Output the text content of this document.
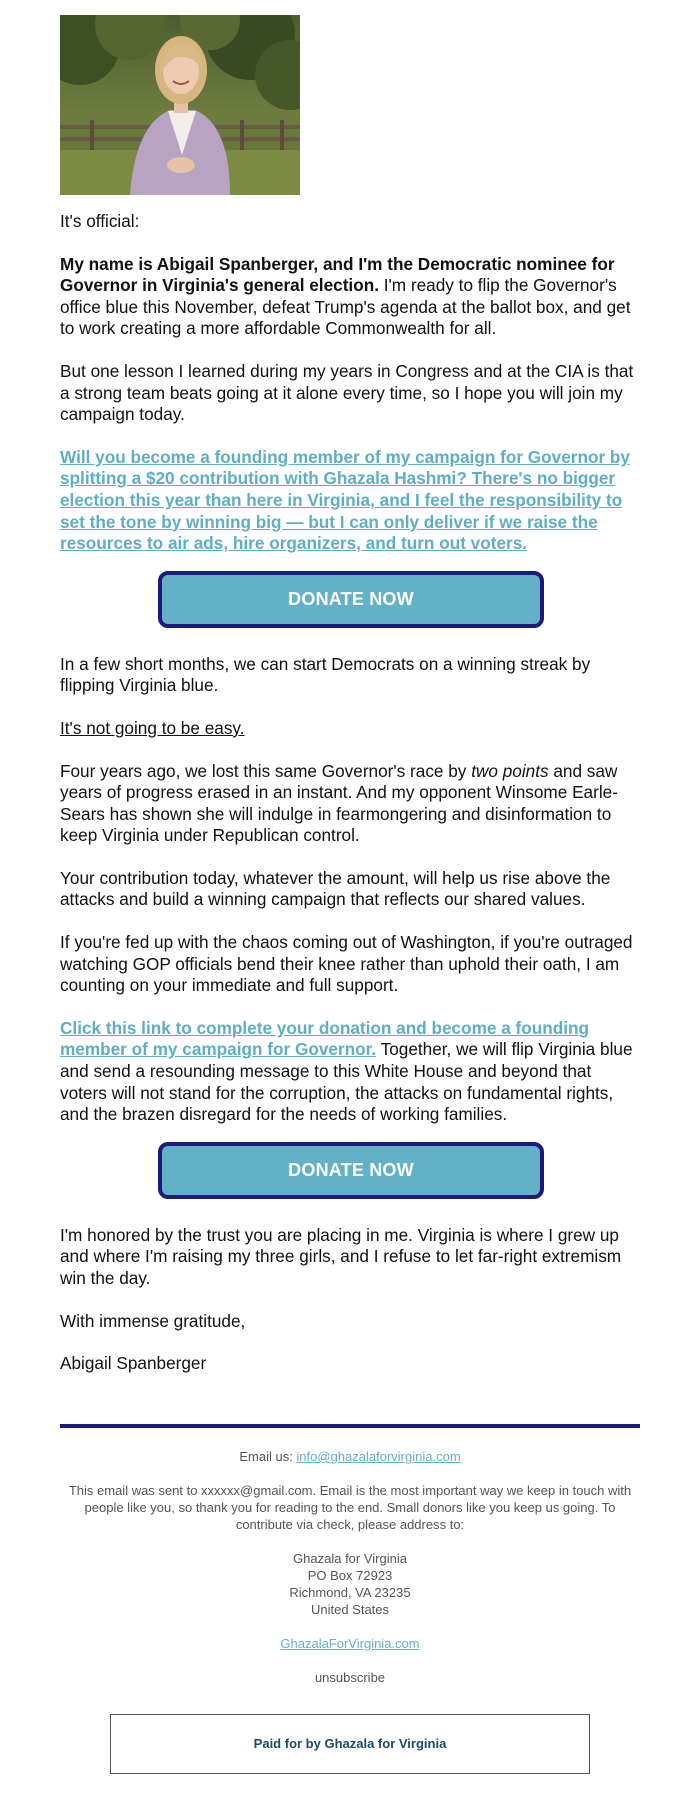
It's official:

My name is Abigail Spanberger, and I'm the Democratic nominee for Governor in Virginia's general election. I'm ready to flip the Governor's office blue this November, defeat Trump's agenda at the ballot box, and get to work creating a more affordable Commonwealth for all.

But one lesson I learned during my years in Congress and at the CIA is that a strong team beats going at it alone every time, so I hope you will join my campaign today.

Will you become a founding member of my campaign for Governor by splitting a $20 contribution with Ghazala Hashmi? There's no bigger election this year than here in Virginia, and I feel the responsibility to set the tone by winning big — but I can only deliver if we raise the resources to air ads, hire organizers, and turn out voters.

DONATE NOW

In a few short months, we can start Democrats on a winning streak by flipping Virginia blue.

It's not going to be easy.

Four years ago, we lost this same Governor's race by two points and saw years of progress erased in an instant. And my opponent Winsome Earle-Sears has shown she will indulge in fearmongering and disinformation to keep Virginia under Republican control.

Your contribution today, whatever the amount, will help us rise above the attacks and build a winning campaign that reflects our shared values.

If you're fed up with the chaos coming out of Washington, if you're outraged watching GOP officials bend their knee rather than uphold their oath, I am counting on your immediate and full support.

Click this link to complete your donation and become a founding member of my campaign for Governor. Together, we will flip Virginia blue and send a resounding message to this White House and beyond that voters will not stand for the corruption, the attacks on fundamental rights, and the brazen disregard for the needs of working families.

DONATE NOW

I'm honored by the trust you are placing in me. Virginia is where I grew up and where I'm raising my three girls, and I refuse to let far-right extremism win the day.

With immense gratitude,

Abigail Spanberger

Email us: info@ghazalaforvirginia.com

This email was sent to xxxxxx@gmail.com. Email is the most important way we keep in touch with people like you, so thank you for reading to the end. Small donors like you keep us going. To contribute via check, please address to:

Ghazala for Virginia
PO Box 72923
Richmond, VA 23235
United States

GhazalaForVirginia.com

unsubscribe

Paid for by Ghazala for Virginia
